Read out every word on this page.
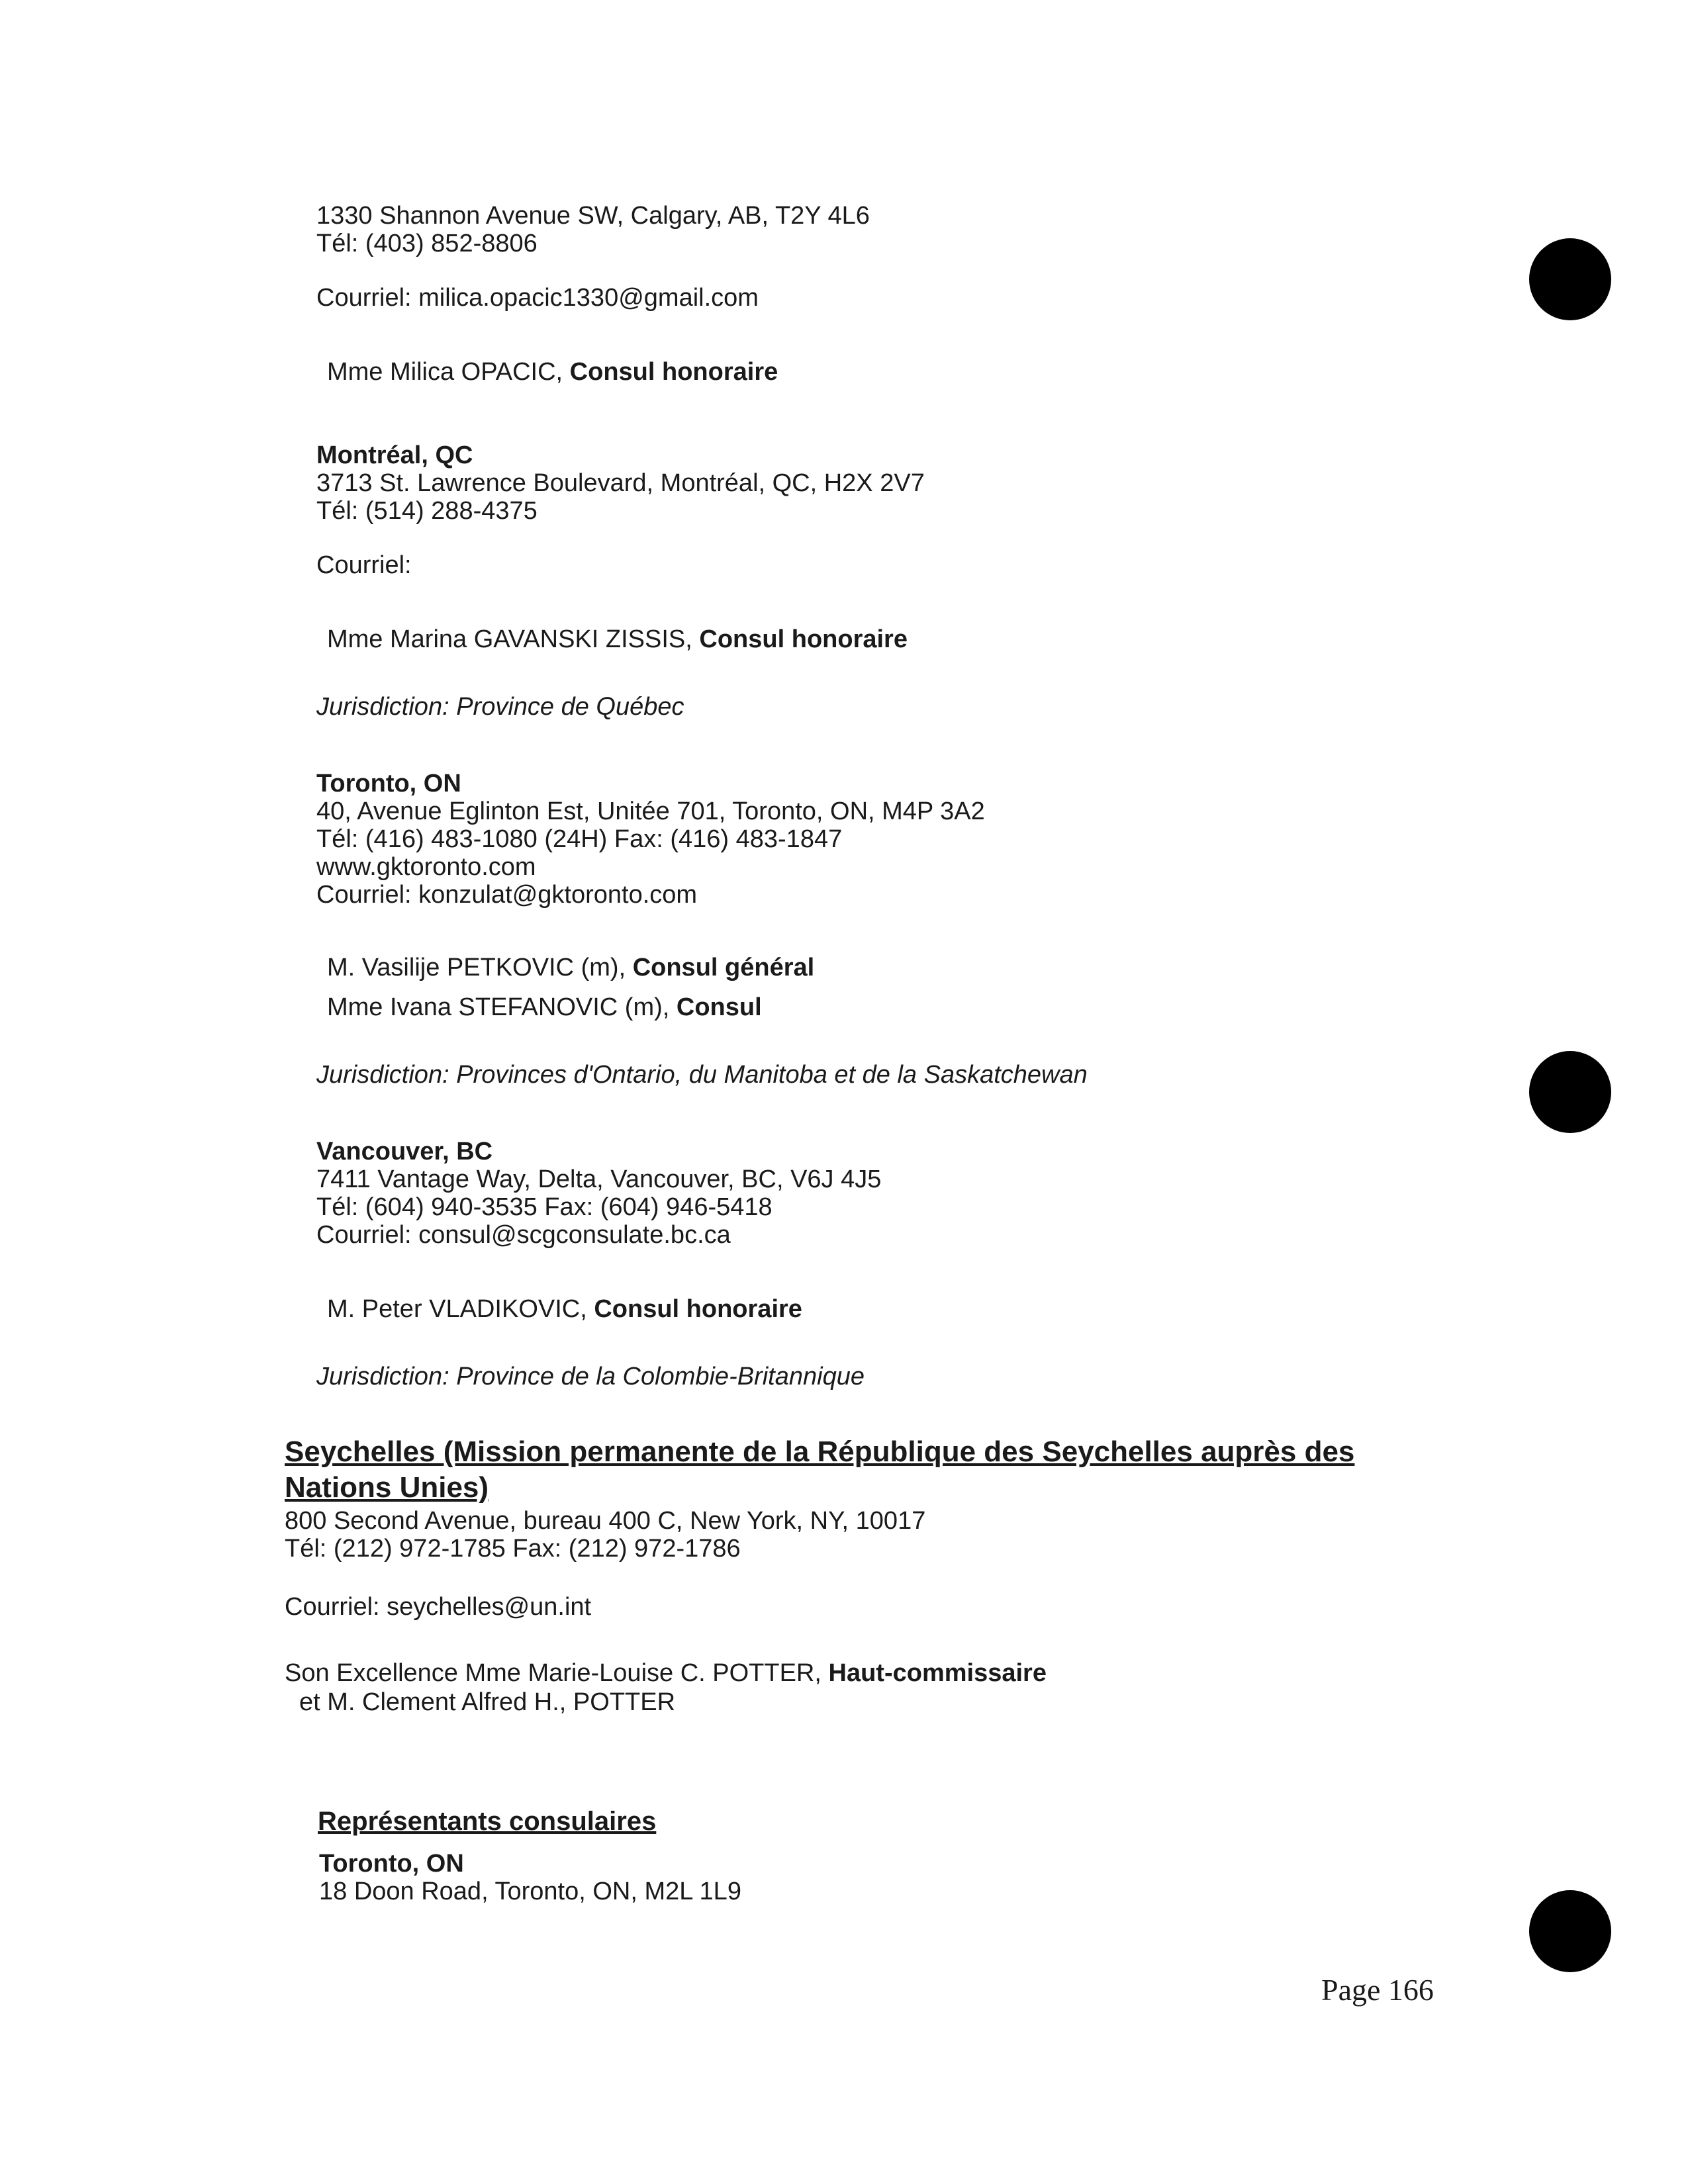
1330 Shannon Avenue SW, Calgary, AB, T2Y 4L6
Tél: (403) 852-8806
Courriel: milica.opacic1330@gmail.com
Mme Milica OPACIC, Consul honoraire
Montréal, QC
3713 St. Lawrence Boulevard, Montréal, QC, H2X 2V7
Tél: (514) 288-4375
Courriel:
Mme Marina GAVANSKI ZISSIS, Consul honoraire
Jurisdiction: Province de Québec
Toronto, ON
40, Avenue Eglinton Est, Unitée 701, Toronto, ON, M4P 3A2
Tél: (416) 483-1080 (24H) Fax: (416) 483-1847
www.gktoronto.com
Courriel: konzulat@gktoronto.com
M. Vasilije PETKOVIC (m), Consul général
Mme Ivana STEFANOVIC (m), Consul
Jurisdiction: Provinces d'Ontario, du Manitoba et de la Saskatchewan
Vancouver, BC
7411 Vantage Way, Delta, Vancouver, BC, V6J 4J5
Tél: (604) 940-3535 Fax: (604) 946-5418
Courriel: consul@scgconsulate.bc.ca
M. Peter VLADIKOVIC, Consul honoraire
Jurisdiction: Province de la Colombie-Britannique
Seychelles (Mission permanente de la République des Seychelles auprès des
Nations Unies)
800 Second Avenue, bureau 400 C, New York, NY, 10017
Tél: (212) 972-1785 Fax: (212) 972-1786
Courriel: seychelles@un.int
Son Excellence Mme Marie-Louise C. POTTER, Haut-commissaire
et M. Clement Alfred H., POTTER
Représentants consulaires
Toronto, ON
18 Doon Road, Toronto, ON, M2L 1L9
Page 166
